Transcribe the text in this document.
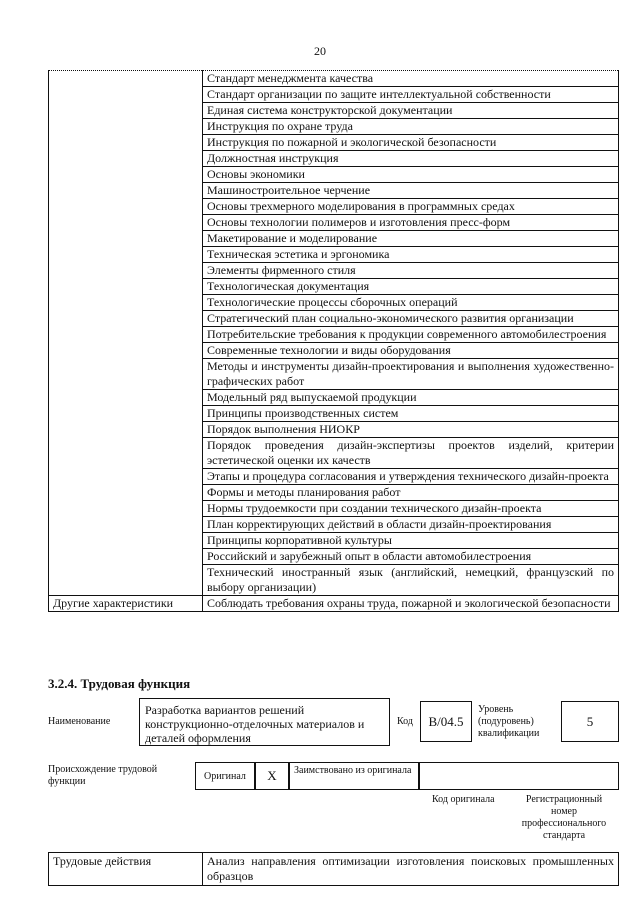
20
	Стандарт менеджмента качества
	Стандарт организации по защите интеллектуальной собственности
	Единая система конструкторской документации
	Инструкция по охране труда
	Инструкция по пожарной и экологической безопасности
	Должностная инструкция
	Основы экономики
	Машиностроительное черчение
	Основы трехмерного моделирования в программных средах
	Основы технологии полимеров и изготовления пресс-форм
	Макетирование и моделирование
	Техническая эстетика и эргономика
	Элементы фирменного стиля
	Технологическая документация
	Технологические процессы сборочных операций
	Стратегический план социально-экономического развития организации
	Потребительские требования к продукции современного автомобилестроения
	Современные технологии и виды оборудования
	Методы и инструменты дизайн-проектирования и выполнения художественно-графических работ
	Модельный ряд выпускаемой продукции
	Принципы производственных систем
	Порядок выполнения НИОКР
	Порядок проведения дизайн-экспертизы проектов изделий, критерии эстетической оценки их качеств
	Этапы и процедура согласования и утверждения технического дизайн-проекта
	Формы и методы планирования работ
	Нормы трудоемкости при создании технического дизайн-проекта
	План корректирующих действий в области дизайн-проектирования
	Принципы корпоративной культуры
	Российский и зарубежный опыт в области автомобилестроения
	Технический иностранный язык (английский, немецкий, французский по выбору организации)
Другие характеристики	Соблюдать требования охраны труда, пожарной и экологической безопасности
3.2.4. Трудовая функция
Наименование
Разработка вариантов решений конструкционно-отделочных материалов и деталей оформления
Код	B/04.5
Уровень (подуровень) квалификации
5
Происхождение трудовой функции	Оригинал	X	Заимствовано из оригинала
Код оригинала	Регистрационный номер профессионального стандарта
Трудовые действия	Анализ направления оптимизации изготовления поисковых промышленных образцов
